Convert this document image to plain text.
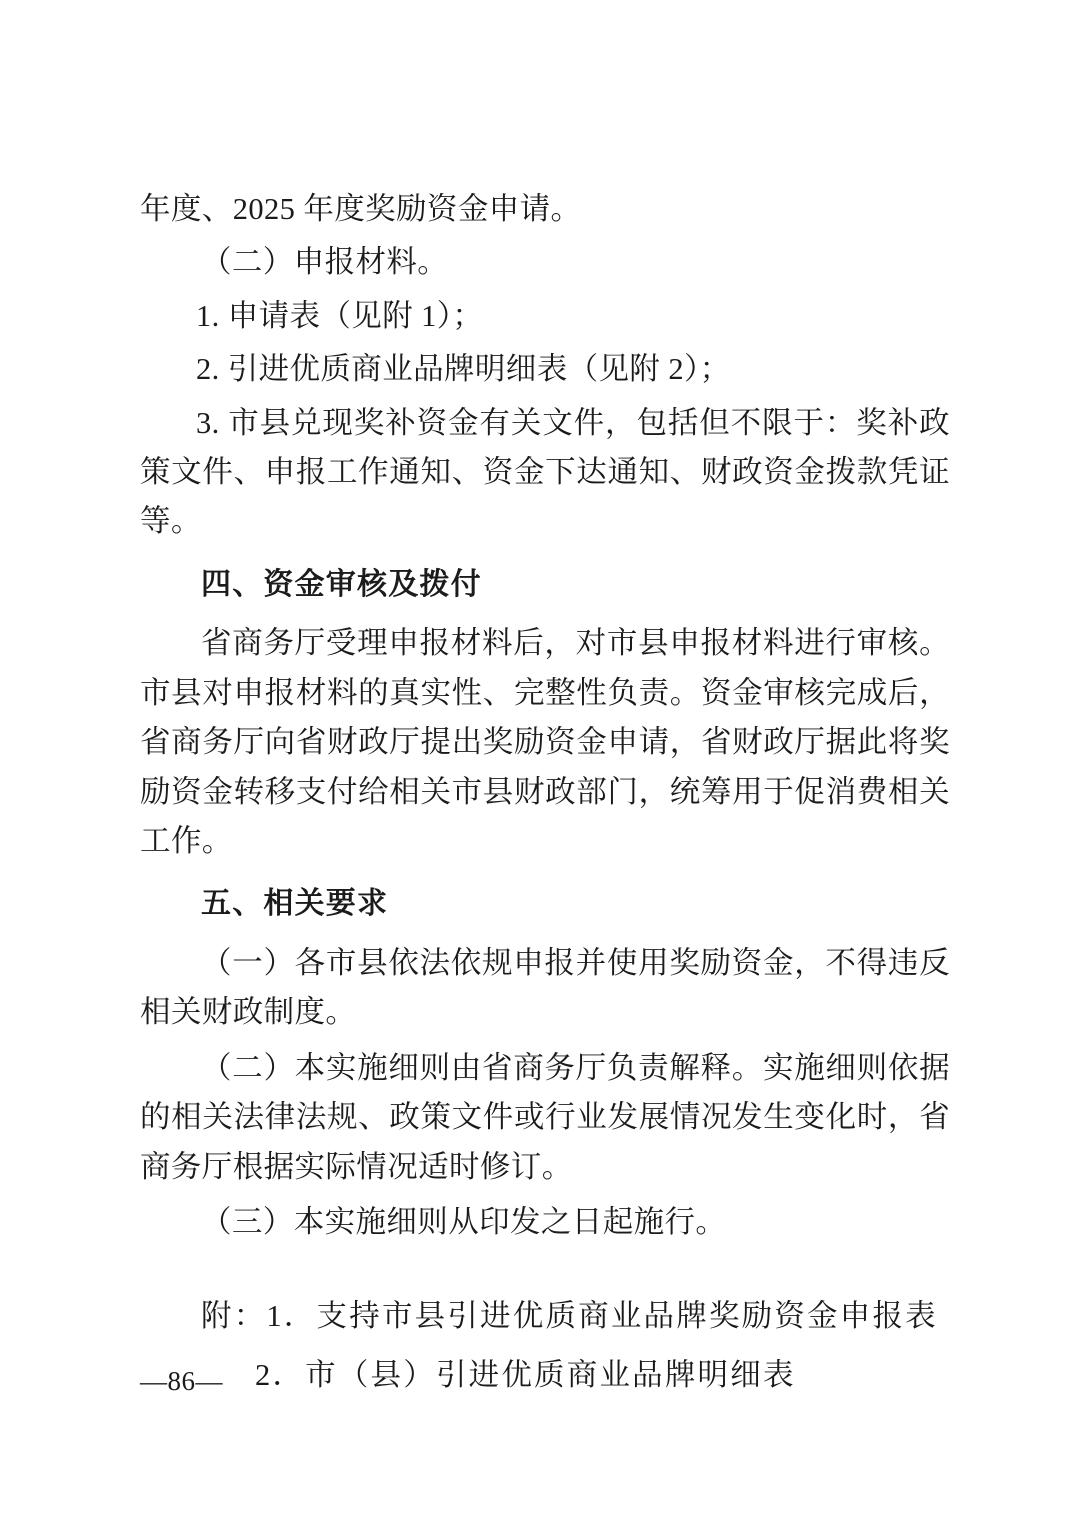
年度、2025 年度奖励资金申请。

（二）申报材料。

1. 申请表（见附 1）；

2. 引进优质商业品牌明细表（见附 2）；

3. 市县兑现奖补资金有关文件，包括但不限于：奖补政策文件、申报工作通知、资金下达通知、财政资金拨款凭证等。

四、资金审核及拨付

省商务厅受理申报材料后，对市县申报材料进行审核。市县对申报材料的真实性、完整性负责。资金审核完成后，省商务厅向省财政厅提出奖励资金申请，省财政厅据此将奖励资金转移支付给相关市县财政部门，统筹用于促消费相关工作。

五、相关要求

（一）各市县依法依规申报并使用奖励资金，不得违反相关财政制度。

（二）本实施细则由省商务厅负责解释。实施细则依据的相关法律法规、政策文件或行业发展情况发生变化时，省商务厅根据实际情况适时修订。

（三）本实施细则从印发之日起施行。

附：1．支持市县引进优质商业品牌奖励资金申报表
2．市（县）引进优质商业品牌明细表
—86—
